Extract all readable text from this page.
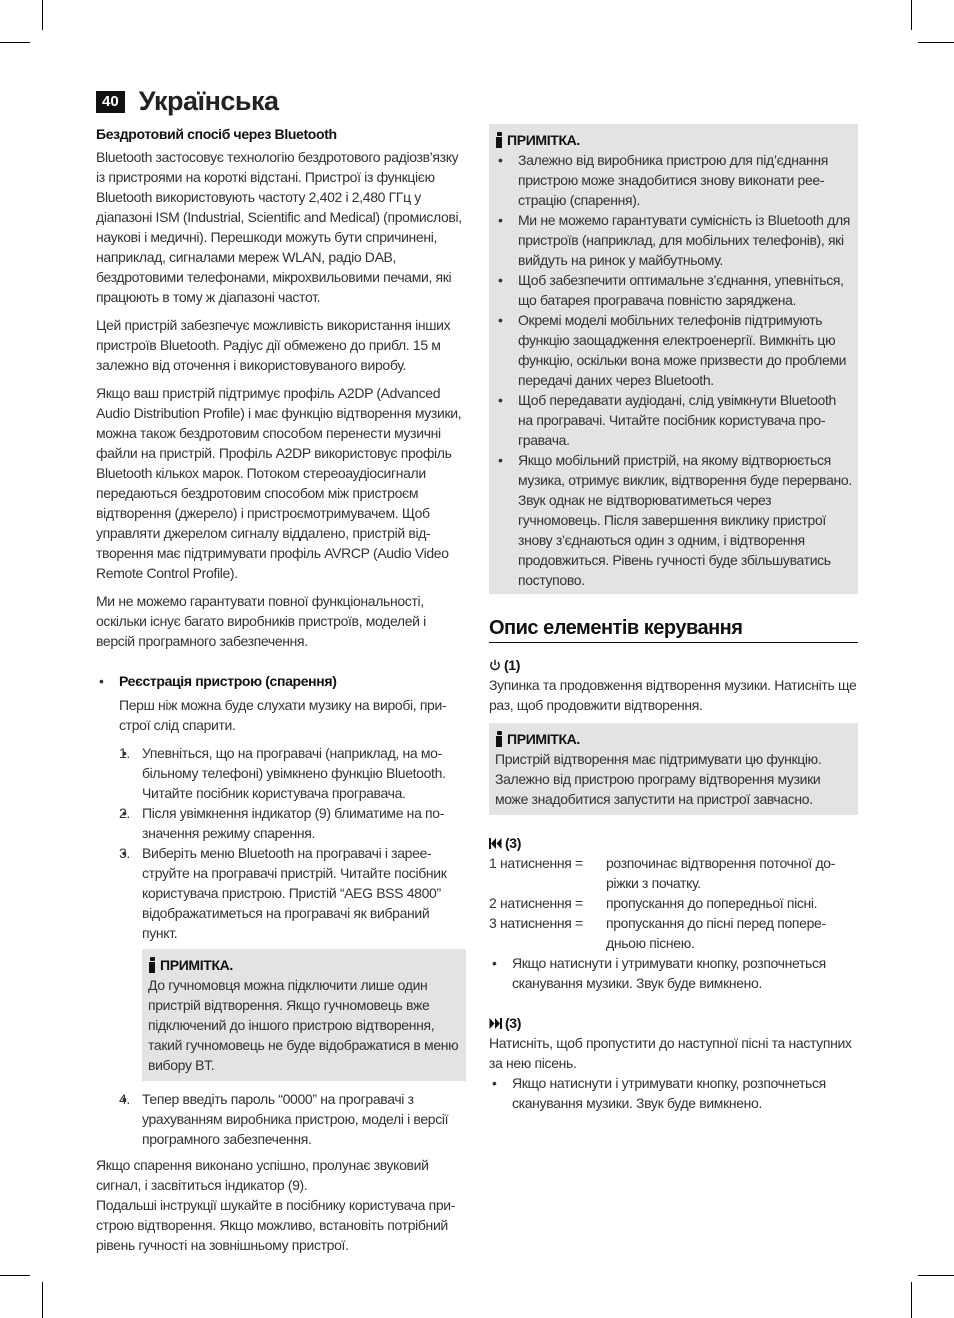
40 Українська

Бездротовий спосіб через Bluetooth

Bluetooth застосовує технологію бездротового радіозв’язку із пристроями на короткі відстані. Пристрої із функцією Bluetooth використовують частоту 2,402 і 2,480 ГГц у діапазоні ISM (Industrial, Scientific and Medical) (промислові, наукові і медичні). Перешкоди можуть бути спричинені, наприклад, сигналами мереж WLAN, радіо DAB, бездротовими телефонами, мікрохвильовими печами, які працюють в тому ж діапазоні частот.

Цей пристрій забезпечує можливість використання інших пристроїв Bluetooth. Радіус дії обмежено до прибл. 15 м залежно від оточення і використовуваного виробу.

Якщо ваш пристрій підтримує профіль A2DP (Advanced Audio Distribution Profile) і має функцію відтворення музики, можна також бездротовим способом перенести музичні файли на пристрій. Профіль A2DP використовує профіль Bluetooth кількох марок. Потоком стереоаудіосигнали передаються бездротовим способом між пристроєм відтворення (джерело) і пристроємотримувачем. Щоб управляти джерелом сигналу віддалено, пристрій відтворення має підтримувати профіль AVRCP (Audio Video Remote Control Profile).

Ми не можемо гарантувати повної функціональності, оскільки існує багато виробників пристроїв, моделей і версій програмного забезпечення.

• Реєстрація пристрою (спарення)

Перш ніж можна буде слухати музику на виробі, пристрої слід спарити.

• 1. Упевніться, що на програвачі (наприклад, на мобільному телефоні) увімкнено функцію Bluetooth. Читайте посібник користувача програвача.
• 2. Після увімкнення індикатор (9) блиматиме на позначення режиму спарення.
• 3. Виберіть меню Bluetooth на програвачі і зарееструйте на програвачі пристрій. Читайте посібник користувача пристрою. Пристій “AEG BSS 4800” відображатиметься на програвачі як вибраний пункт.
ПРИМІТКА.
До гучномовця можна підключити лише один пристрій відтворення. Якщо гучномовець вже підключений до іншого пристрою відтворення, такий гучномовець не буде відображатися в меню вибору BT.
• 4. Тепер введіть пароль “0000” на програвачі з урахуванням виробника пристрою, моделі і версії програмного забезпечення.

Якщо спарення виконано успішно, пролунає звуковий сигнал, і засвітиться індикатор (9).

Подальші інструкції шукайте в посібнику користувача пристрою відтворення. Якщо можливо, встановіть потрібний рівень гучності на зовнішньому пристрої.

ПРИМІТКА.
• Залежно від виробника пристрою для під’єднання пристрою може знадобитися знову виконати реестрацію (спарення).
• Ми не можемо гарантувати сумісність із Bluetooth для пристроїв (наприклад, для мобільних телефонів), які вийдуть на ринок у майбутньому.
• Щоб забезпечити оптимальне з’єднання, упевніться, що батарея програвача повністю заряджена.
• Окремі моделі мобільних телефонів підтримують функцію заощадження електроенергії. Вимкніть цю функцію, оскільки вона може призвести до проблеми передачі даних через Bluetooth.
• Щоб передавати аудіодані, слід увімкнути Bluetooth на програвачі. Читайте посібник користувача програвача.
• Якщо мобільний пристрій, на якому відтворюється музика, отримує виклик, відтворення буде перервано. Звук однак не відтворюватиметься через гучномовець. Після завершення виклику пристрої знову з’єднаються один з одним, і відтворення продовжиться. Рівень гучності буде збільшуватись поступово.
Опис елементів керування
(1)

Зупинка та продовження відтворення музики. Натисніть ще раз, щоб продовжити відтворення.

ПРИМІТКА.
Пристрій відтворення має підтримувати цю функцію. Залежно від пристрою програму відтворення музики може знадобитися запустити на пристрої завчасно.
(3)
1 натиснення =	розпочинає відтворення поточної доріжки з початку.
2 натиснення =	пропускання до попередньої пісні.
3 натиснення =	пропускання до пісні перед попередньою піснею.
• Якщо натиснути і утримувати кнопку, розпочнеться сканування музики. Звук буде вимкнено.
(3)

Натисніть, щоб пропустити до наступної пісні та наступних за нею пісень.

• Якщо натиснути і утримувати кнопку, розпочнеться сканування музики. Звук буде вимкнено.
